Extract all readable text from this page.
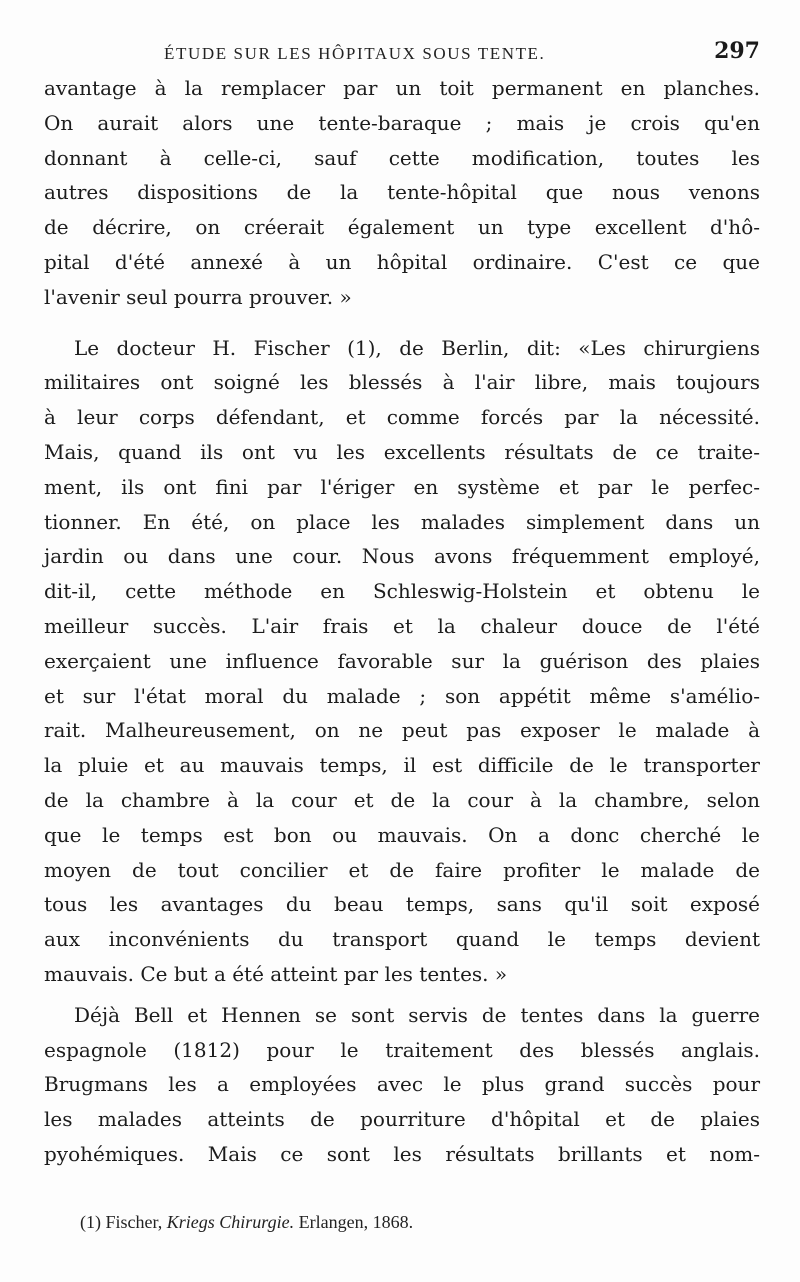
ÉTUDE SUR LES HÔPITAUX SOUS TENTE.	297
avantage à la remplacer par un toit permanent en planches.
On aurait alors une tente-baraque ; mais je crois qu'en
donnant à celle-ci, sauf cette modification, toutes les
autres dispositions de la tente-hôpital que nous venons
de décrire, on créerait également un type excellent d'hô-
pital d'été annexé à un hôpital ordinaire. C'est ce que
l'avenir seul pourra prouver. »
Le docteur H. Fischer (1), de Berlin, dit: «Les chirurgiens
militaires ont soigné les blessés à l'air libre, mais toujours
à leur corps défendant, et comme forcés par la nécessité.
Mais, quand ils ont vu les excellents résultats de ce traite-
ment, ils ont fini par l'ériger en système et par le perfec-
tionner. En été, on place les malades simplement dans un
jardin ou dans une cour. Nous avons fréquemment employé,
dit-il, cette méthode en Schleswig-Holstein et obtenu le
meilleur succès. L'air frais et la chaleur douce de l'été
exerçaient une influence favorable sur la guérison des plaies
et sur l'état moral du malade ; son appétit même s'amélio-
rait. Malheureusement, on ne peut pas exposer le malade à
la pluie et au mauvais temps, il est difficile de le transporter
de la chambre à la cour et de la cour à la chambre, selon
que le temps est bon ou mauvais. On a donc cherché le
moyen de tout concilier et de faire profiter le malade de
tous les avantages du beau temps, sans qu'il soit exposé
aux inconvénients du transport quand le temps devient
mauvais. Ce but a été atteint par les tentes. »
Déjà Bell et Hennen se sont servis de tentes dans la guerre
espagnole (1812) pour le traitement des blessés anglais.
Brugmans les a employées avec le plus grand succès pour
les malades atteints de pourriture d'hôpital et de plaies
pyohémiques. Mais ce sont les résultats brillants et nom-
(1) Fischer, Kriegs Chirurgie. Erlangen, 1868.
